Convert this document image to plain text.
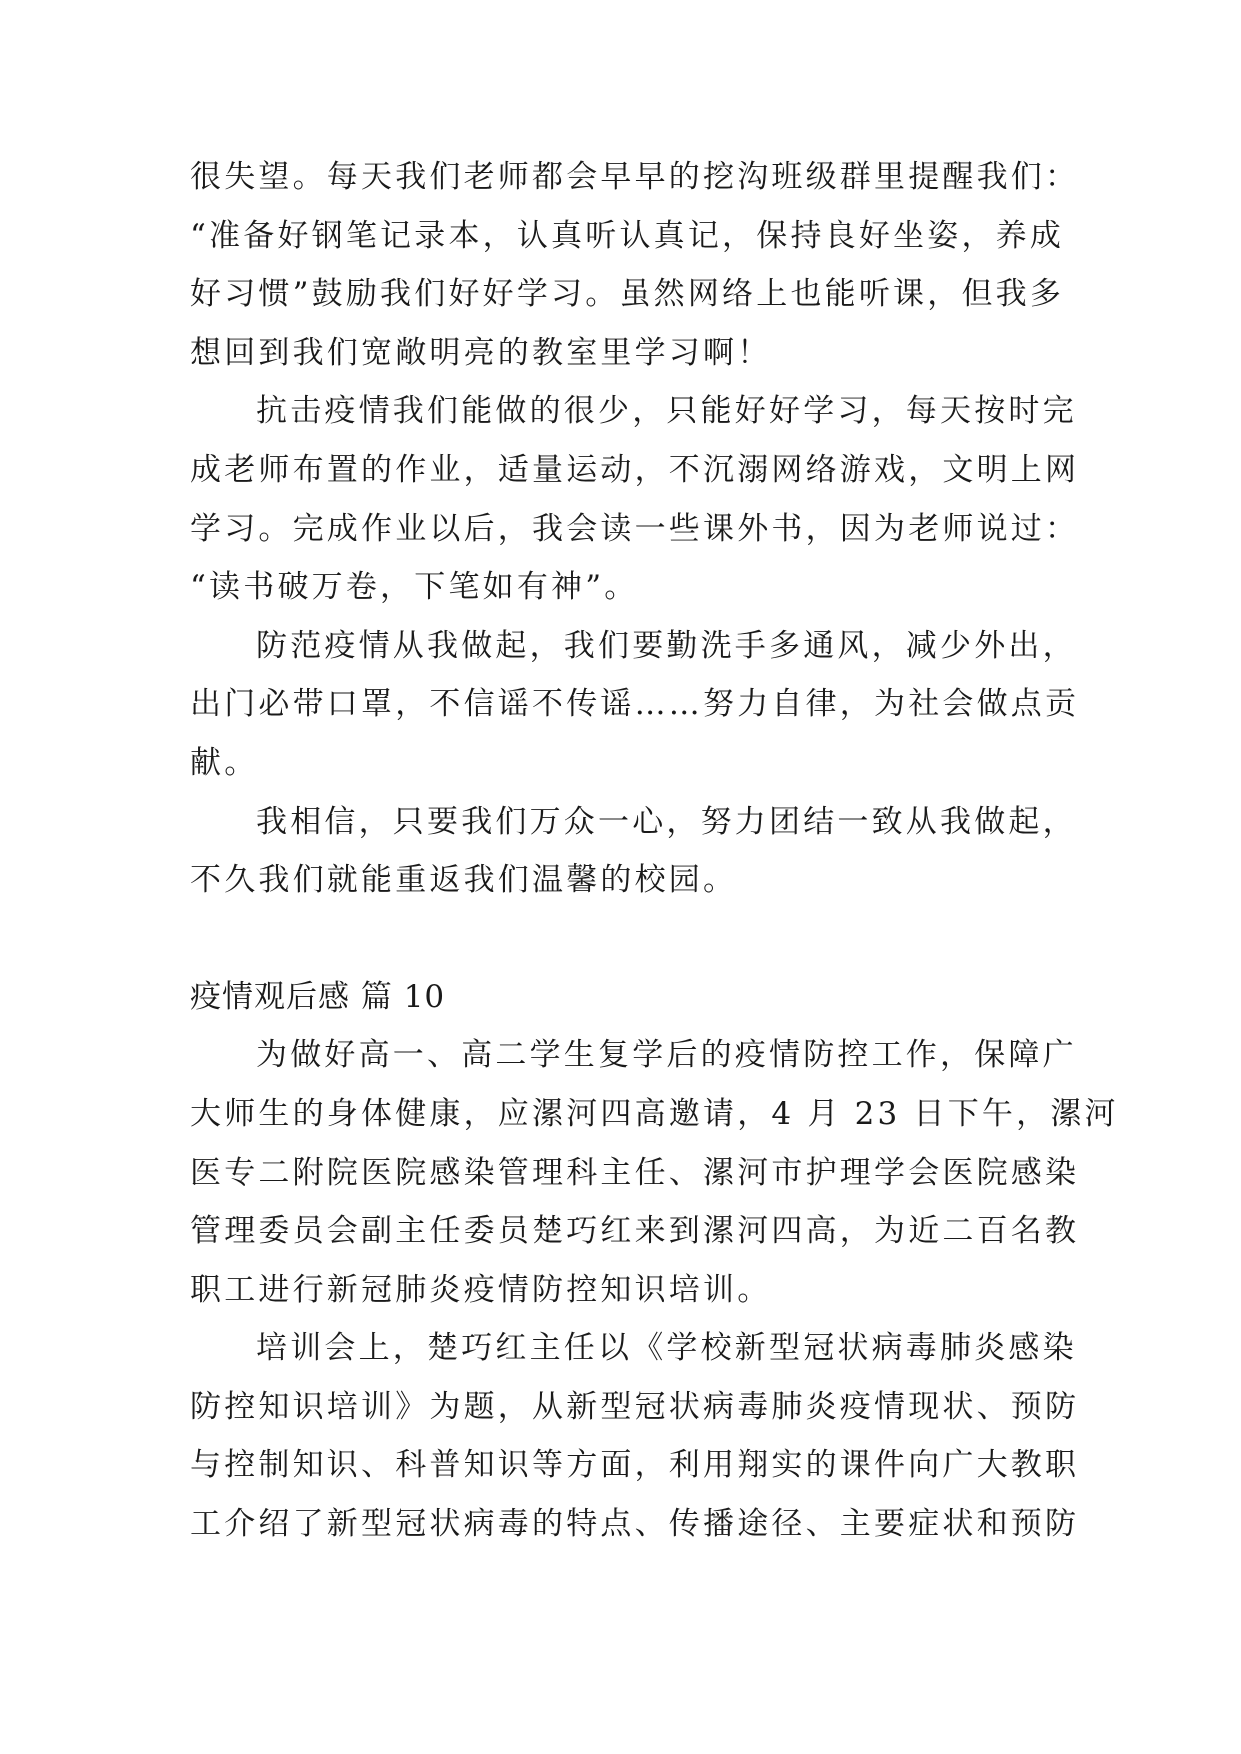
很失望。每天我们老师都会早早的挖沟班级群里提醒我们：
“准备好钢笔记录本，认真听认真记，保持良好坐姿，养成
好习惯”鼓励我们好好学习。虽然网络上也能听课，但我多
想回到我们宽敞明亮的教室里学习啊！
抗击疫情我们能做的很少，只能好好学习，每天按时完
成老师布置的作业，适量运动，不沉溺网络游戏，文明上网
学习。完成作业以后，我会读一些课外书，因为老师说过：
“读书破万卷，下笔如有神”。
防范疫情从我做起，我们要勤洗手多通风，减少外出，
出门必带口罩，不信谣不传谣……努力自律，为社会做点贡
献。
我相信，只要我们万众一心，努力团结一致从我做起，
不久我们就能重返我们温馨的校园。
疫情观后感 篇 10
为做好高一、高二学生复学后的疫情防控工作，保障广
大师生的身体健康，应漯河四高邀请，4 月 23 日下午，漯河
医专二附院医院感染管理科主任、漯河市护理学会医院感染
管理委员会副主任委员楚巧红来到漯河四高，为近二百名教
职工进行新冠肺炎疫情防控知识培训。
培训会上，楚巧红主任以《学校新型冠状病毒肺炎感染
防控知识培训》为题，从新型冠状病毒肺炎疫情现状、预防
与控制知识、科普知识等方面，利用翔实的课件向广大教职
工介绍了新型冠状病毒的特点、传播途径、主要症状和预防
